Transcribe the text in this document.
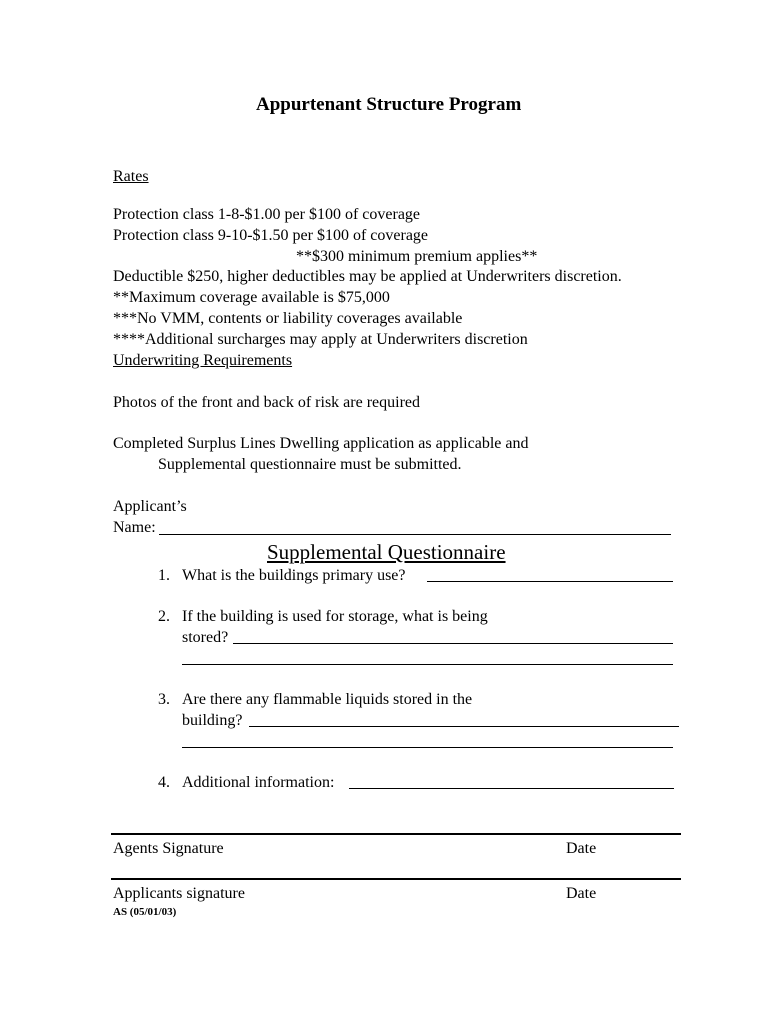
Appurtenant Structure Program
Rates
Protection class 1-8-$1.00 per $100 of coverage
Protection class 9-10-$1.50 per $100 of coverage
**$300 minimum premium applies**
Deductible $250, higher deductibles may be applied at Underwriters discretion.
**Maximum coverage available is $75,000
***No VMM, contents or liability coverages available
****Additional surcharges may apply at Underwriters discretion
Underwriting Requirements
Photos of the front and back of risk are required
Completed Surplus Lines Dwelling application as applicable and
Supplemental questionnaire must be submitted.
Applicant’s
Name:
Supplemental Questionnaire
1. What is the buildings primary use?
2. If the building is used for storage, what is being
stored?
3. Are there any flammable liquids stored in the
building?
4. Additional information:
Agents Signature	Date
Applicants signature	Date
AS (05/01/03)
